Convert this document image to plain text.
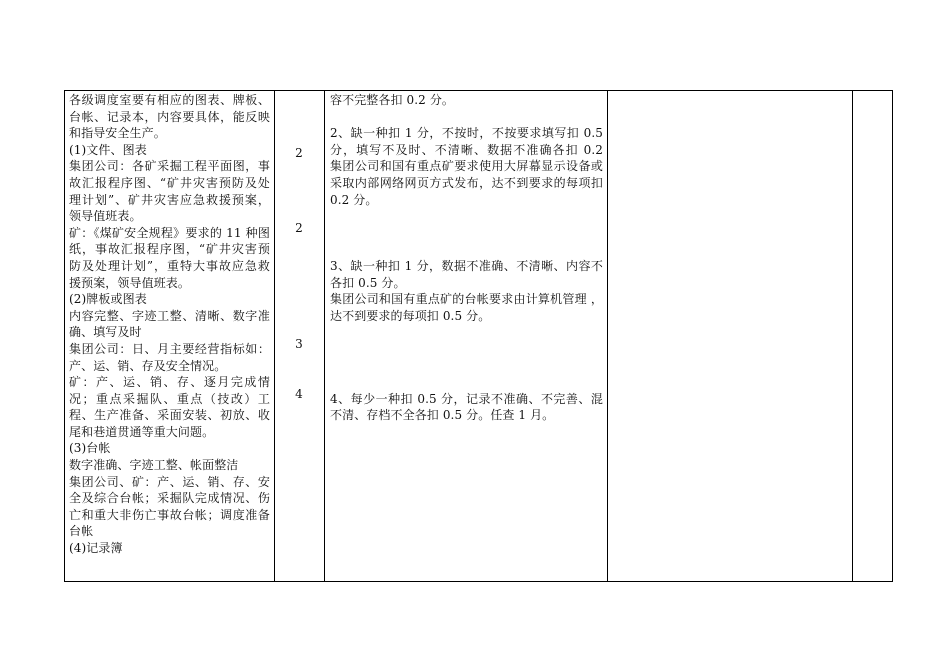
各级调度室要有相应的图表、牌板、
台帐、记录本，内容要具体，能反映
和指导安全生产。
(1)文件、图表
集团公司：各矿采掘工程平面图，事
故汇报程序图、“矿井灾害预防及处
理计划”、矿井灾害应急救援预案，
领导值班表。
矿：《煤矿安全规程》要求的 11 种图
纸，事故汇报程序图，“矿井灾害预
防及处理计划”，重特大事故应急救
援预案，领导值班表。
(2)牌板或图表
内容完整、字迹工整、清晰、数字准
确、填写及时
集团公司：日、月主要经营指标如：
产、运、销、存及安全情况。
矿：产、运、销、存、逐月完成情
况；重点采掘队、重点（技改）工
程、生产准备、采面安装、初放、收
尾和巷道贯通等重大问题。
(3)台帐
数字准确、字迹工整、帐面整洁
集团公司、矿：产、运、销、存、安
全及综合台帐；采掘队完成情况、伤
亡和重大非伤亡事故台帐；调度准备
台帐
(4)记录簿
2
2
3
4
容不完整各扣 0.2 分。
2、缺一种扣 1 分，不按时，不按要求填写扣 0.5
分，填写不及时、不清晰、数据不准确各扣 0.2
集团公司和国有重点矿要求使用大屏幕显示设备或
采取内部网络网页方式发布，达不到要求的每项扣
0.2 分。
3、缺一种扣 1 分，数据不准确、不清晰、内容不
各扣 0.5 分。
集团公司和国有重点矿的台帐要求由计算机管理 ，
达不到要求的每项扣 0.5 分。
4、每少一种扣 0.5 分，记录不准确、不完善、混
不清、存档不全各扣 0.5 分。任查 1 月。
